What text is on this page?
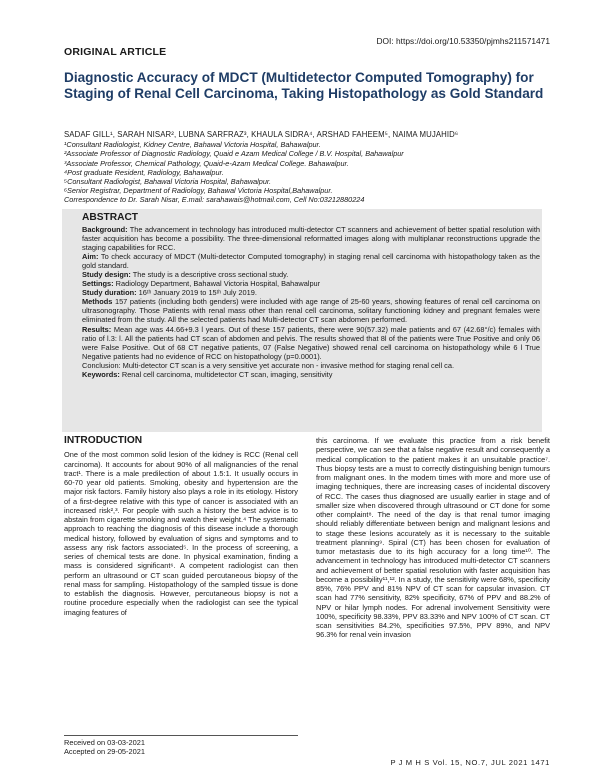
DOI: https://doi.org/10.53350/pjmhs211571471
ORIGINAL ARTICLE
Diagnostic Accuracy of MDCT (Multidetector Computed Tomography) for Staging of Renal Cell Carcinoma, Taking Histopathology as Gold Standard
SADAF GILL¹, SARAH NISAR², LUBNA SARFRAZ³, KHAULA SIDRA⁴, ARSHAD FAHEEM⁵, NAIMA MUJAHID⁶
¹Consultant Radiologist, Kidney Centre, Bahawal Victoria Hospital, Bahawalpur.
²Associate Professor of Diagnostic Radiology, Quaid e Azam Medical College / B.V. Hospital, Bahawalpur
³Associate Professor, Chemical Pathology, Quaid-e-Azam Medical College. Bahawalpur.
⁴Post graduate Resident, Radiology, Bahawalpur.
⁵Consultant Radiologist, Bahawal Victoria Hospital, Bahawalpur.
⁶Senior Registrar, Department of Radiology, Bahawal Victoria Hospital,Bahawalpur.
Correspondence to Dr. Sarah Nisar, E.mail: sarahawais@hotmail.com, Cell No:03212880224
ABSTRACT

Background: The advancement in technology has introduced multi-detector CT scanners and achievement of better spatial resolution with faster acquisition has become a possibility. The three-dimensional reformatted images along with multiplanar reconstructions upgrade the staging capabilities for RCC.

Aim: To check accuracy of MDCT (Multi-detector Computed tomography) in staging renal cell carcinoma with histopathology taken as the gold standard.

Study design: The study is a descriptive cross sectional study.

Settings: Radiology Department, Bahawal Victoria Hospital, Bahawalpur

Study duration: 16ᵗʰ January 2019 to 15ᵗʰ July 2019.

Methods 157 patients (including both genders) were included with age range of 25-60 years, showing features of renal cell carcinoma on ultrasonography. Those Patients with renal mass other than renal cell carcinoma, solitary functioning kidney and pregnant females were eliminated from the study. All the selected patients had Multi-detector CT scan abdomen performed.

Results: Mean age was 44.66+9.3 l years. Out of these 157 patients, there were 90(57.32) male patients and 67 (42.68°/c) females with ratio of l.3: l. All the patients had CT scan of abdomen and pelvis. The results showed that 8l of the patients were True Positive and only 06 were False Positive. Out of 68 CT negative patients, 07 (False Negative) showed renal cell carcinoma on histopathology while 6 l True Negative patients had no evidence of RCC on histopathology (p=0.0001).

Conclusion: Multi-detector CT scan is a very sensitive yet accurate non - invasive method for staging renal cell ca.

Keywords: Renal cell carcinoma, multidetector CT scan, imaging, sensitivity

INTRODUCTION

One of the most common solid lesion of the kidney is RCC (Renal cell carcinoma). It accounts for about 90% of all malignancies of the renal tract¹. There is a male predilection of about 1.5:1. It usually occurs in 60-70 year old patients. Smoking, obesity and hypertension are the major risk factors. Family history also plays a role in its etiology. History of a first-degree relative with this type of cancer is associated with an increased risk²,³. For people with such a history the best advice is to abstain from cigarette smoking and watch their weight.⁴ The systematic approach to reaching the diagnosis of this disease include a thorough medical history, followed by evaluation of signs and symptoms and to assess any risk factors associated⁵. In the process of screening, a series of chemical tests are done. In physical examination, finding a mass is considered significant⁶. A competent radiologist can then perform an ultrasound or CT scan guided percutaneous biopsy of the renal mass for sampling. Histopathology of the sampled tissue is done to establish the diagnosis. However, percutaneous biopsy is not a routine procedure especially when the radiologist can see the typical imaging features of

Received on 03-03-2021
Accepted on 29-05-2021

this carcinoma. If we evaluate this practice from a risk benefit perspective, we can see that a false negative result and consequently a medical complication to the patient makes it an unsuitable practice⁷. Thus biopsy tests are a must to correctly distinguishing benign tumours from malignant ones. In the modern times with more and more use of imaging techniques, there are increasing cases of incidental discovery of RCC. The cases thus diagnosed are usually earlier in stage and of smaller size when discovered through ultrasound or CT done for some other complaint⁸. The need of the day is that renal tumor imaging should reliably differentiate between benign and malignant lesions and to stage these lesions accurately as it is necessary to the suitable treatment planning⁹. Spiral (CT) has been chosen for evaluation of tumor metastasis due to its high accuracy for a long time¹⁰. The advancement in technology has introduced multi-detector CT scanners and achievement of better spatial resolution with faster acquisition has become a possibility¹¹,¹². In a study, the sensitivity were 68%, specificity 85%, 76% PPV and 81% NPV of CT scan for capsular invasion. CT scan had 77% sensitivity, 82% specificity, 67% of PPV and 88.2% of NPV or hilar lymph nodes. For adrenal involvement Sensitivity were 100%, specificity 98.33%, PPV 83.33% and NPV 100% of CT scan. CT scan sensitivities 84.2%, specificities 97.5%, PPV 89%, and NPV 96.3% for renal vein invasion

P J M H S Vol. 15, NO.7, JUL 2021 1471
